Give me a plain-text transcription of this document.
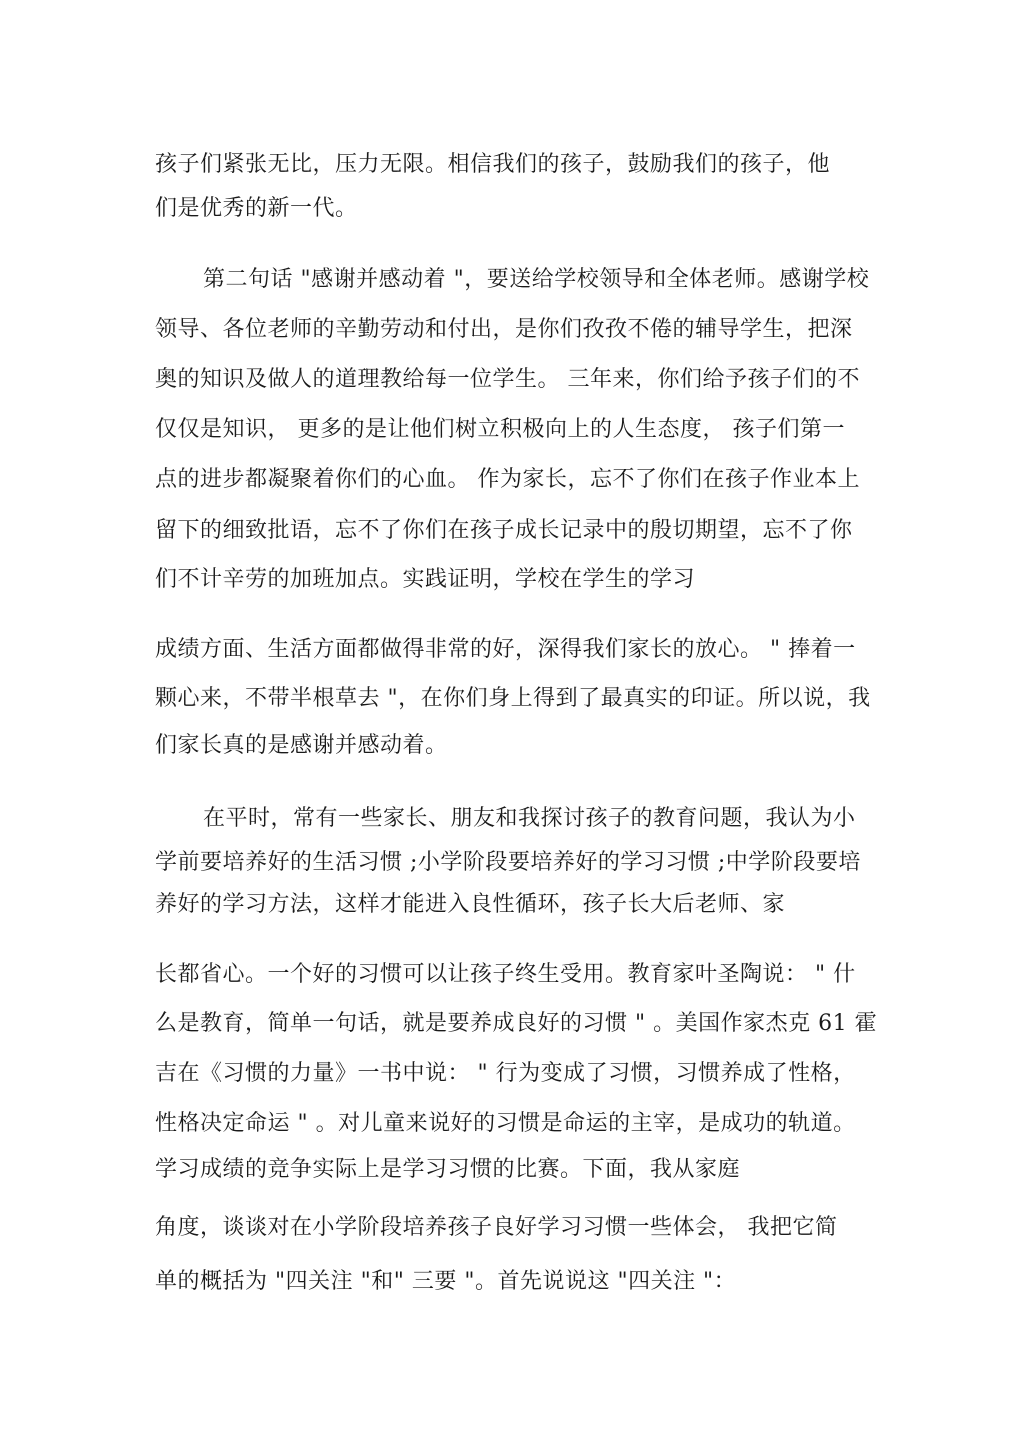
孩子们紧张无比，压力无限。相信我们的孩子，鼓励我们的孩子，他
们是优秀的新一代。
第二句话 "感谢并感动着 "，要送给学校领导和全体老师。感谢学校
领导、各位老师的辛勤劳动和付出，是你们孜孜不倦的辅导学生，把深
奥的知识及做人的道理教给每一位学生。 三年来，你们给予孩子们的不
仅仅是知识， 更多的是让他们树立积极向上的人生态度， 孩子们第一
点的进步都凝聚着你们的心血。 作为家长，忘不了你们在孩子作业本上
留下的细致批语，忘不了你们在孩子成长记录中的殷切期望，忘不了你
们不计辛劳的加班加点。实践证明，学校在学生的学习
成绩方面、生活方面都做得非常的好，深得我们家长的放心。 " 捧着一
颗心来，不带半根草去 "，在你们身上得到了最真实的印证。所以说，我
们家长真的是感谢并感动着。
在平时，常有一些家长、朋友和我探讨孩子的教育问题，我认为小
学前要培养好的生活习惯 ;小学阶段要培养好的学习习惯 ;中学阶段要培
养好的学习方法，这样才能进入良性循环，孩子长大后老师、家
长都省心。一个好的习惯可以让孩子终生受用。教育家叶圣陶说： " 什
么是教育，简单一句话，就是要养成良好的习惯 " 。美国作家杰克 61 霍
吉在《习惯的力量》一书中说： " 行为变成了习惯，习惯养成了性格，
性格决定命运 " 。对儿童来说好的习惯是命运的主宰，是成功的轨道。
学习成绩的竞争实际上是学习习惯的比赛。下面，我从家庭
角度，谈谈对在小学阶段培养孩子良好学习习惯一些体会， 我把它简
单的概括为 "四关注 "和" 三要 "。首先说说这 "四关注 "：
